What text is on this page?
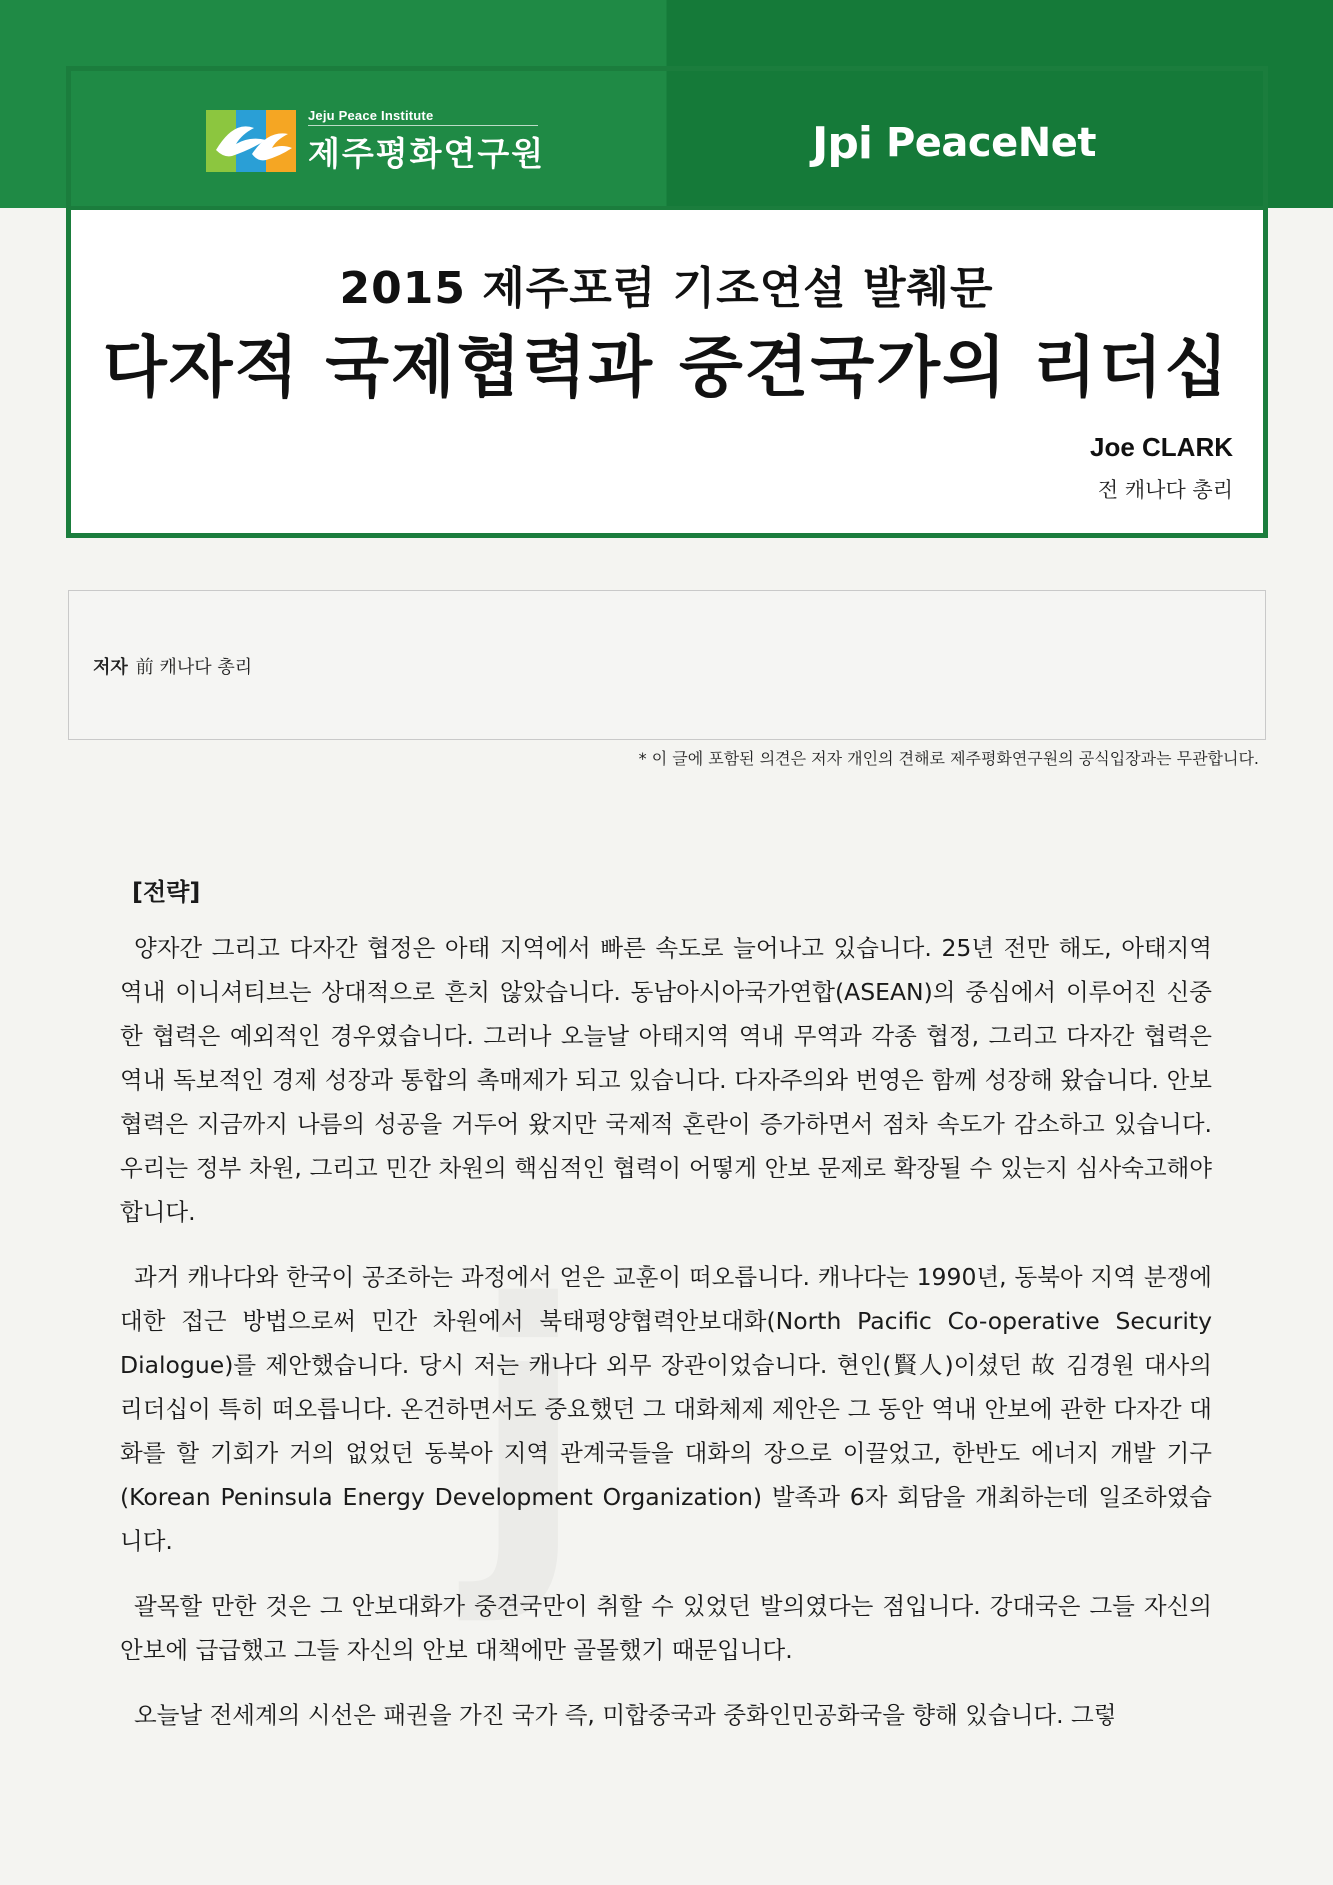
Jeju Peace Institute
제주평화연구원	Jpi PeaceNet
2015 제주포럼 기조연설 발췌문
다자적 국제협력과 중견국가의 리더십
Joe CLARK
전 캐나다 총리
저자 前 캐나다 총리
* 이 글에 포함된 의견은 저자 개인의 견해로 제주평화연구원의 공식입장과는 무관합니다.
[전략]

양자간 그리고 다자간 협정은 아태 지역에서 빠른 속도로 늘어나고 있습니다. 25년 전만 해도, 아태지역 역내 이니셔티브는 상대적으로 흔치 않았습니다. 동남아시아국가연합(ASEAN)의 중심에서 이루어진 신중한 협력은 예외적인 경우였습니다. 그러나 오늘날 아태지역 역내 무역과 각종 협정, 그리고 다자간 협력은 역내 독보적인 경제 성장과 통합의 촉매제가 되고 있습니다. 다자주의와 번영은 함께 성장해 왔습니다. 안보 협력은 지금까지 나름의 성공을 거두어 왔지만 국제적 혼란이 증가하면서 점차 속도가 감소하고 있습니다. 우리는 정부 차원, 그리고 민간 차원의 핵심적인 협력이 어떻게 안보 문제로 확장될 수 있는지 심사숙고해야 합니다.

과거 캐나다와 한국이 공조하는 과정에서 얻은 교훈이 떠오릅니다. 캐나다는 1990년, 동북아 지역 분쟁에 대한 접근 방법으로써 민간 차원에서 북태평양협력안보대화(North Pacific Co-operative Security Dialogue)를 제안했습니다. 당시 저는 캐나다 외무 장관이었습니다. 현인(賢人)이셨던 故 김경원 대사의 리더십이 특히 떠오릅니다. 온건하면서도 중요했던 그 대화체제 제안은 그 동안 역내 안보에 관한 다자간 대화를 할 기회가 거의 없었던 동북아 지역 관계국들을 대화의 장으로 이끌었고, 한반도 에너지 개발 기구(Korean Peninsula Energy Development Organization) 발족과 6자 회담을 개최하는데 일조하였습니다.

괄목할 만한 것은 그 안보대화가 중견국만이 취할 수 있었던 발의였다는 점입니다. 강대국은 그들 자신의 안보에 급급했고 그들 자신의 안보 대책에만 골몰했기 때문입니다.

오늘날 전세계의 시선은 패권을 가진 국가 즉, 미합중국과 중화인민공화국을 향해 있습니다. 그렇
